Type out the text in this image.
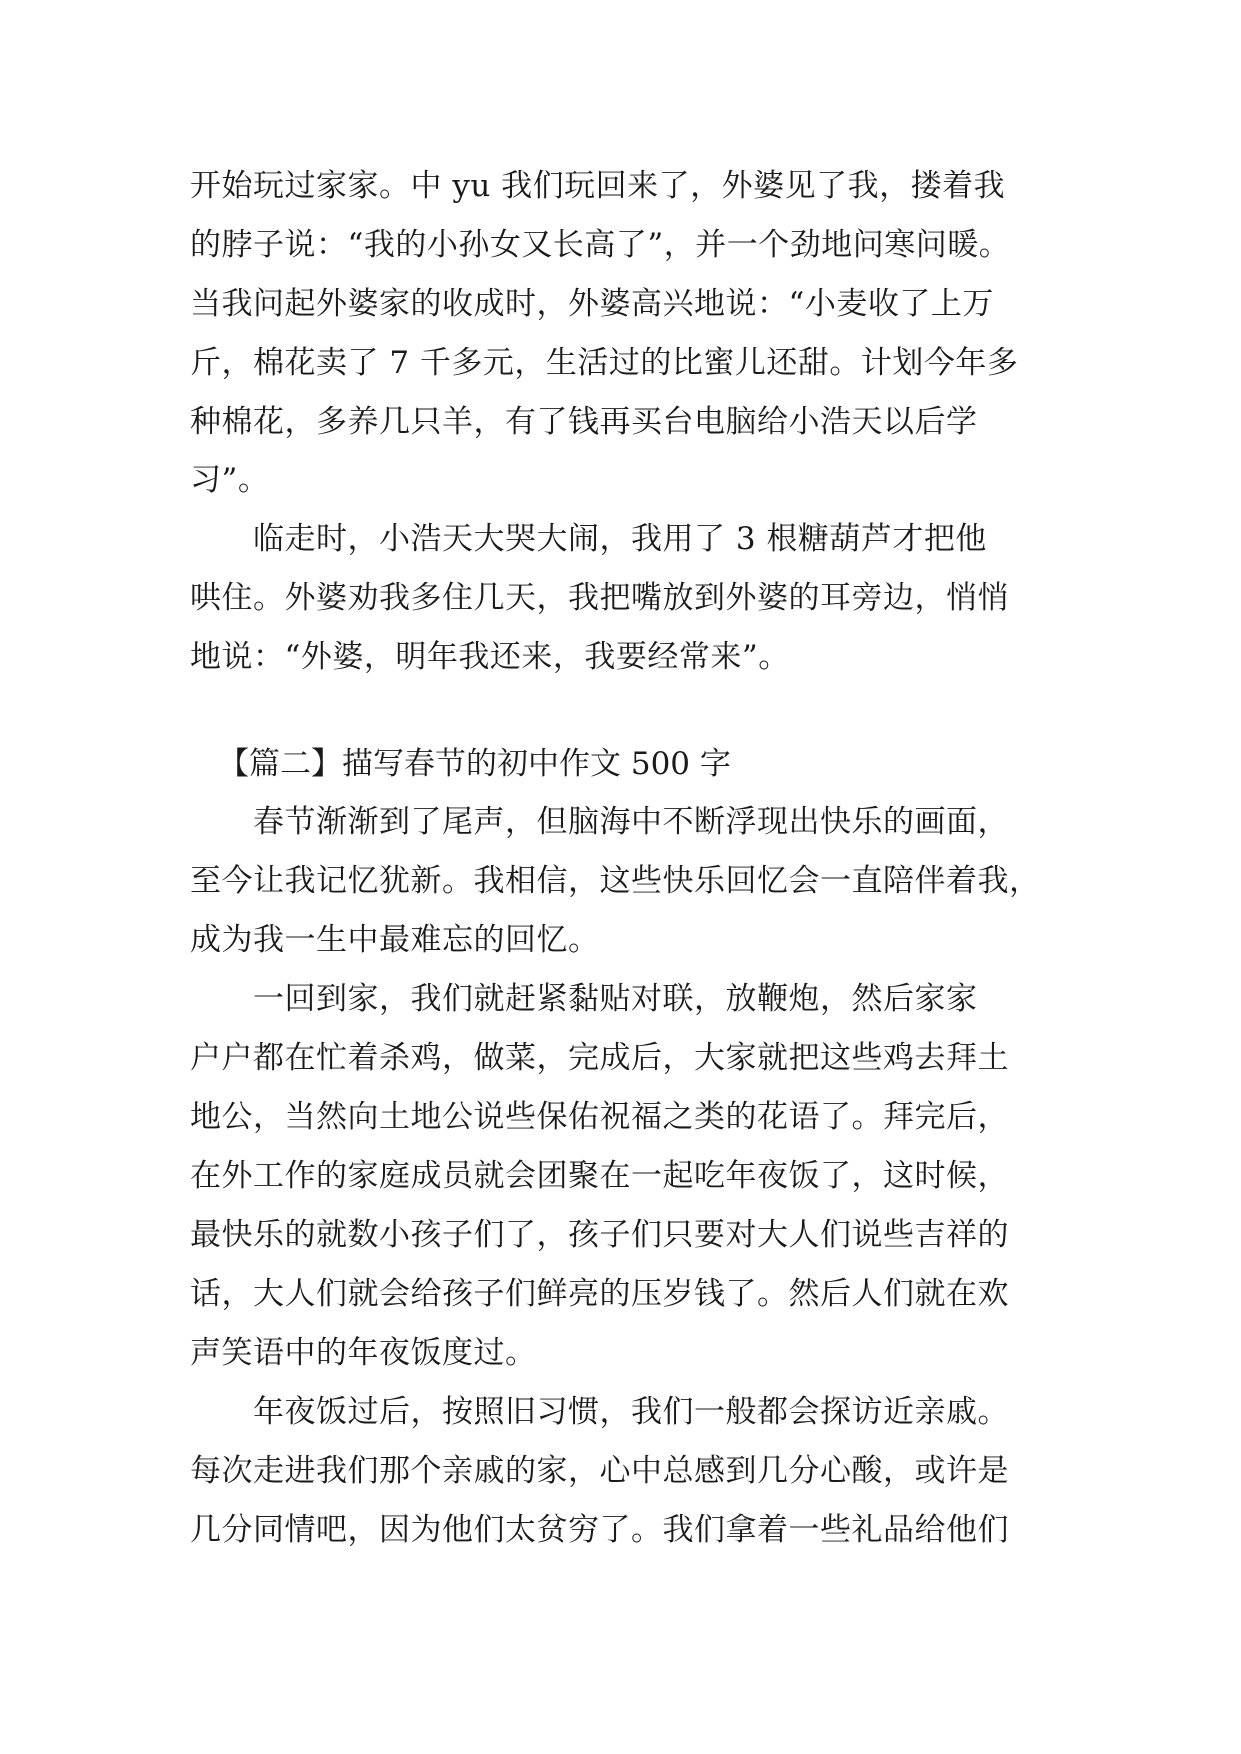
开始玩过家家。中 yu 我们玩回来了，外婆见了我，搂着我
的脖子说：“我的小孙女又长高了”，并一个劲地问寒问暖。
当我问起外婆家的收成时，外婆高兴地说：“小麦收了上万
斤，棉花卖了 7 千多元，生活过的比蜜儿还甜。计划今年多
种棉花，多养几只羊，有了钱再买台电脑给小浩天以后学
习”。
　　临走时，小浩天大哭大闹，我用了 3 根糖葫芦才把他
哄住。外婆劝我多住几天，我把嘴放到外婆的耳旁边，悄悄
地说：“外婆，明年我还来，我要经常来”。
【篇二】描写春节的初中作文 500 字
　　春节渐渐到了尾声，但脑海中不断浮现出快乐的画面，
至今让我记忆犹新。我相信，这些快乐回忆会一直陪伴着我，
成为我一生中最难忘的回忆。
　　一回到家，我们就赶紧黏贴对联，放鞭炮，然后家家
户户都在忙着杀鸡，做菜，完成后，大家就把这些鸡去拜土
地公，当然向土地公说些保佑祝福之类的花语了。拜完后，
在外工作的家庭成员就会团聚在一起吃年夜饭了，这时候，
最快乐的就数小孩子们了，孩子们只要对大人们说些吉祥的
话，大人们就会给孩子们鲜亮的压岁钱了。然后人们就在欢
声笑语中的年夜饭度过。
　　年夜饭过后，按照旧习惯，我们一般都会探访近亲戚。
每次走进我们那个亲戚的家，心中总感到几分心酸，或许是
几分同情吧，因为他们太贫穷了。我们拿着一些礼品给他们
